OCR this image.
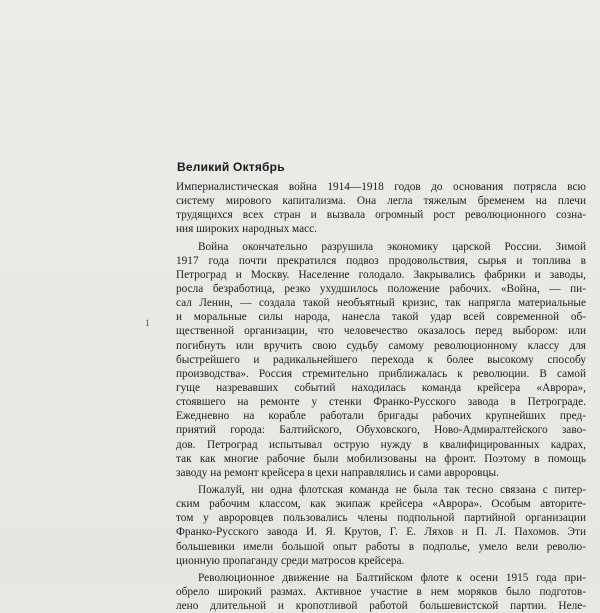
Великий Октябрь
1
Империалистическая война 1914—1918 годов до основания потрясла всю
систему мирового капитализма. Она легла тяжелым бременем на плечи
трудящихся всех стран и вызвала огромный рост революционного созна-
ния широких народных масс.
Война окончательно разрушила экономику царской России. Зимой
1917 года почти прекратился подвоз продовольствия, сырья и топлива в
Петроград и Москву. Население голодало. Закрывались фабрики и заводы,
росла безработица, резко ухудшилось положение рабочих. «Война, — пи-
сал Ленин, — создала такой необъятный кризис, так напрягла материальные
и моральные силы народа, нанесла такой удар всей современной об-
щественной организации, что человечество оказалось перед выбором: или
погибнуть или вручить свою судьбу самому революционному классу для
быстрейшего и радикальнейшего перехода к более высокому способу
производства». Россия стремительно приближалась к революции. В самой
гуще назревавших событий находилась команда крейсера «Аврора»,
стоявшего на ремонте у стенки Франко-Русского завода в Петрограде.
Ежедневно на корабле работали бригады рабочих крупнейших пред-
приятий города: Балтийского, Обуховского, Ново-Адмиралтейского заво-
дов. Петроград испытывал острую нужду в квалифицированных кадрах,
так как многие рабочие были мобилизованы на фронт. Поэтому в помощь
заводу на ремонт крейсера в цехи направлялись и сами авроровцы.
Пожалуй, ни одна флотская команда не была так тесно связана с питер-
ским рабочим классом, как экипаж крейсера «Аврора». Особым авторите-
том у авроровцев пользовались члены подпольной партийной организации
Франко-Русского завода И. Я. Крутов, Г. Е. Ляхов и П. Л. Пахомов. Эти
большевики имели большой опыт работы в подполье, умело вели револю-
ционную пропаганду среди матросов крейсера.
Революционное движение на Балтийском флоте к осени 1915 года при-
обрело широкий размах. Активное участие в нем моряков было подготов-
лено длительной и кропотливой работой большевистской партии. Нелe-
